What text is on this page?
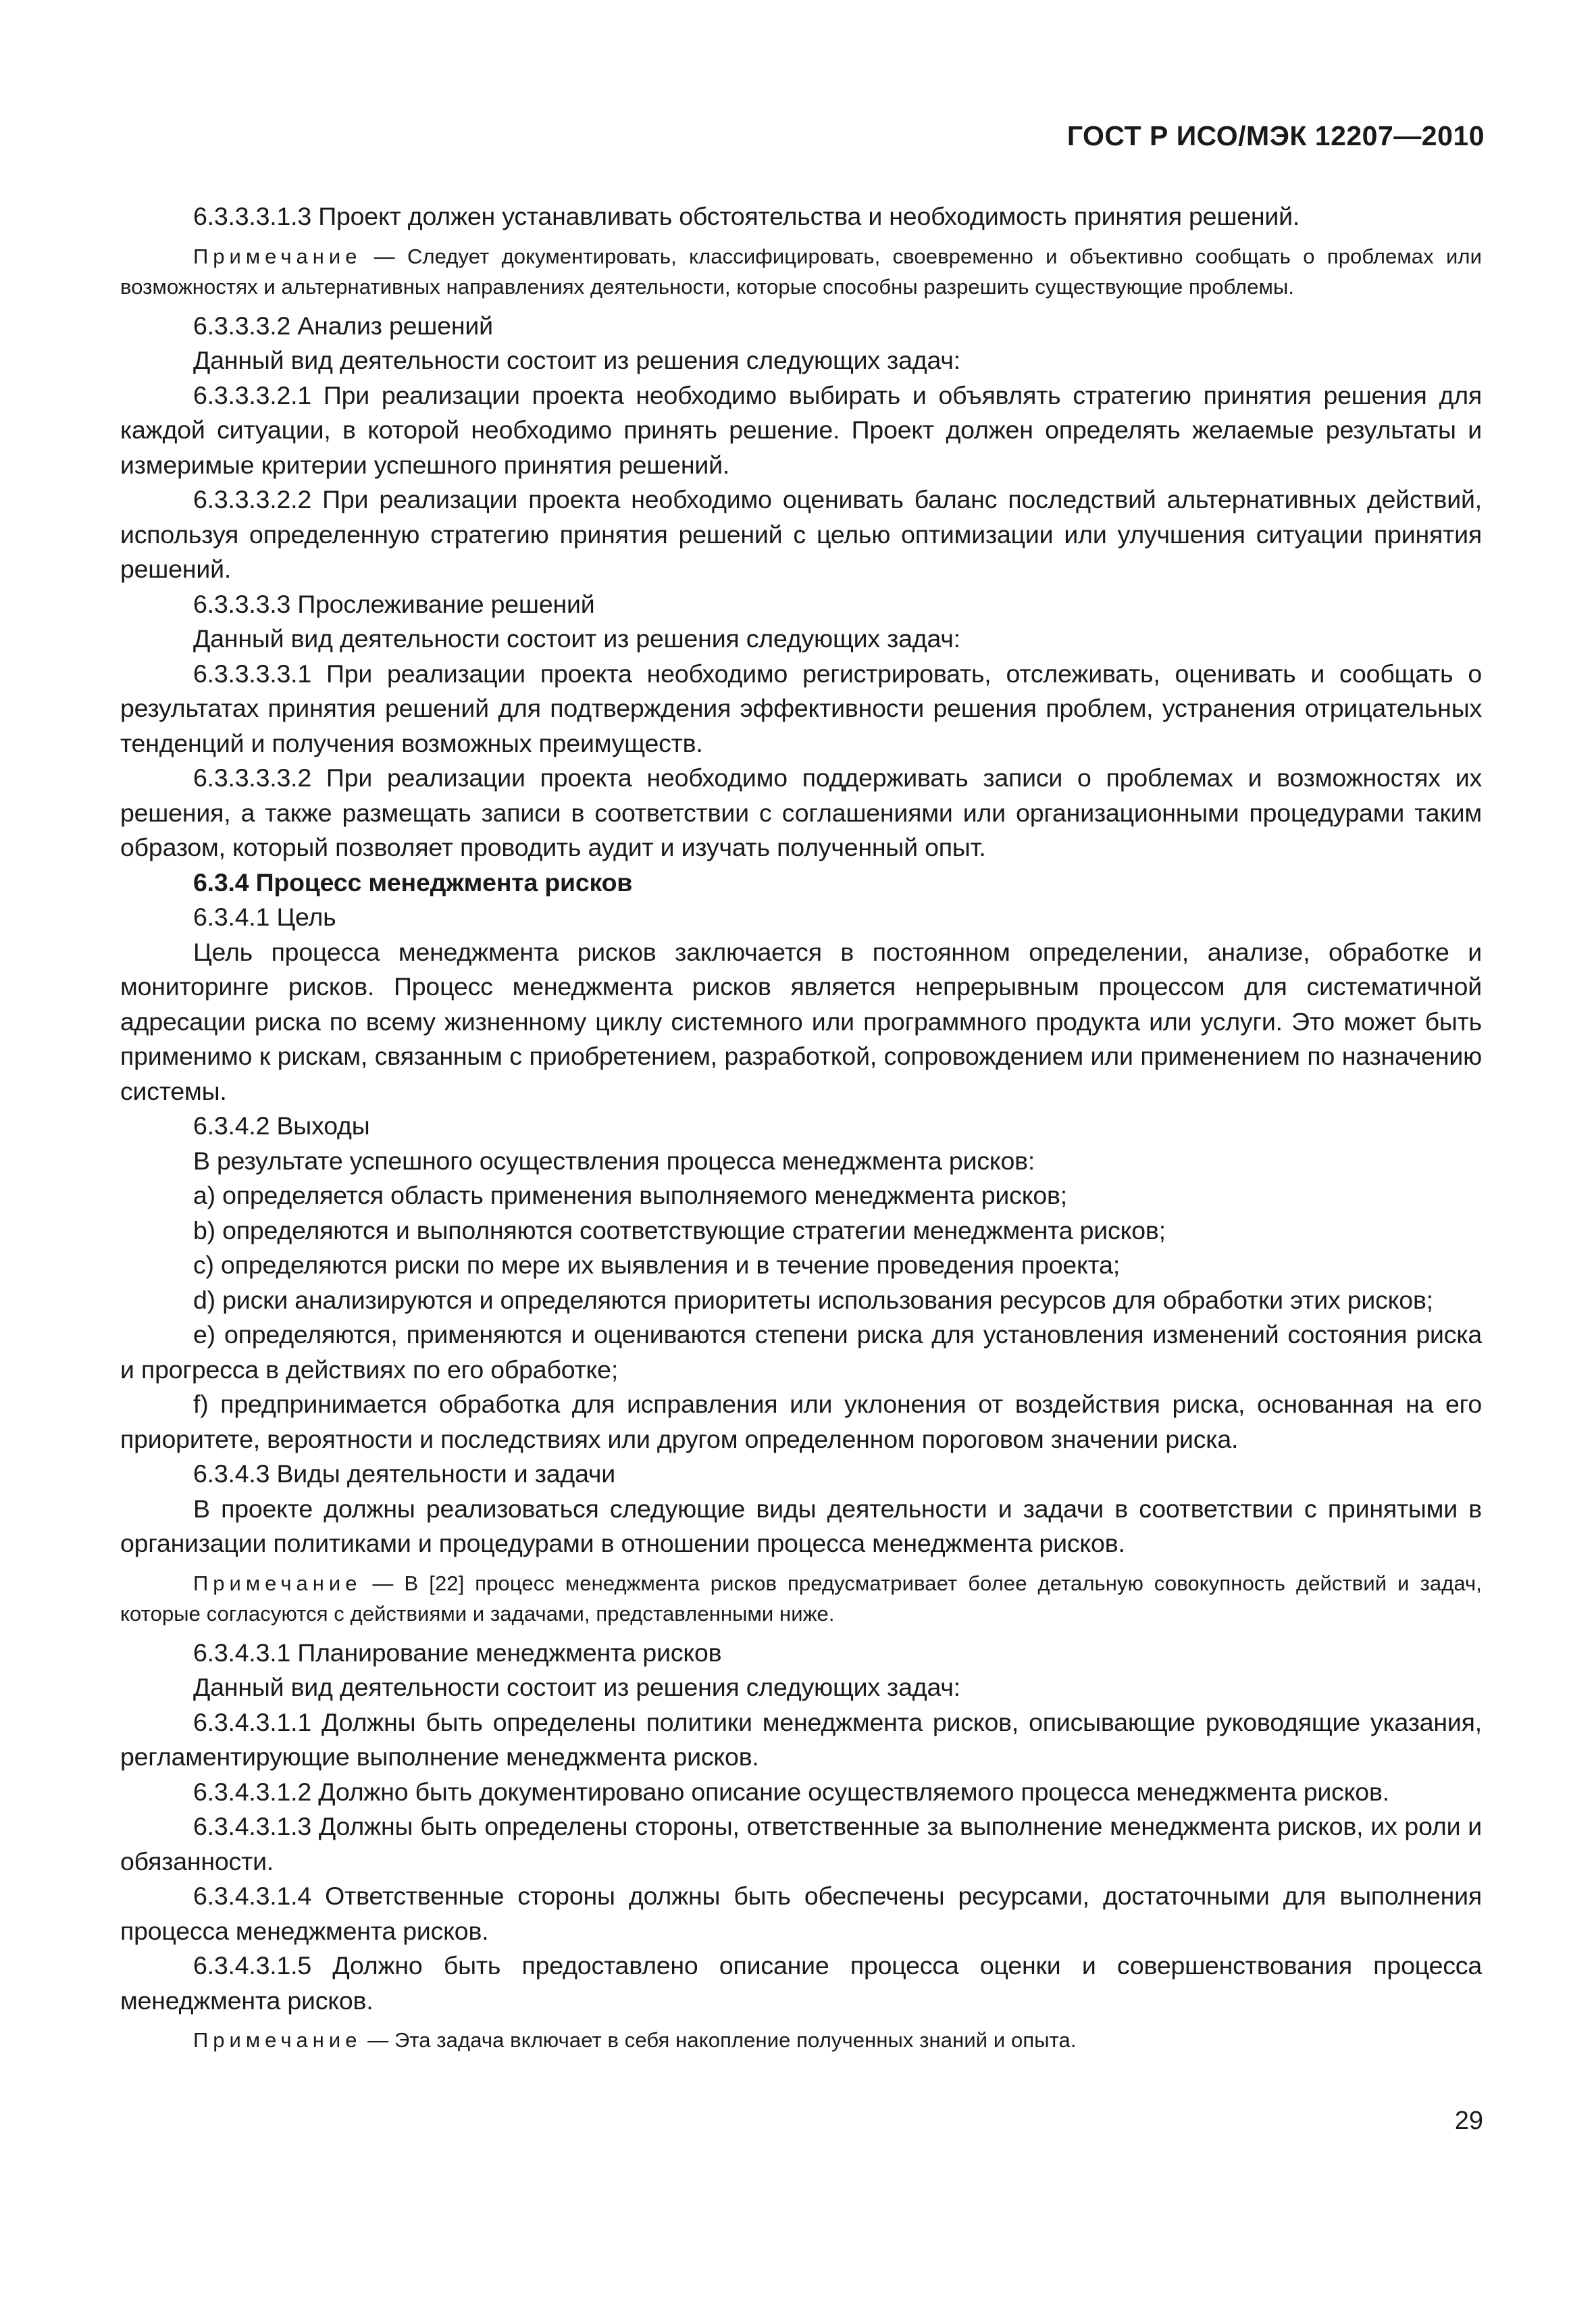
ГОСТ Р ИСО/МЭК 12207—2010

6.3.3.3.1.3 Проект должен устанавливать обстоятельства и необходимость принятия решений.

Примечание — Следует документировать, классифицировать, своевременно и объективно сообщать о проблемах или возможностях и альтернативных направлениях деятельности, которые способны разрешить существующие проблемы.

6.3.3.3.2 Анализ решений

Данный вид деятельности состоит из решения следующих задач:

6.3.3.3.2.1 При реализации проекта необходимо выбирать и объявлять стратегию принятия решения для каждой ситуации, в которой необходимо принять решение. Проект должен определять желаемые результаты и измеримые критерии успешного принятия решений.

6.3.3.3.2.2 При реализации проекта необходимо оценивать баланс последствий альтернативных действий, используя определенную стратегию принятия решений с целью оптимизации или улучшения ситуации принятия решений.

6.3.3.3.3 Прослеживание решений

Данный вид деятельности состоит из решения следующих задач:

6.3.3.3.3.1 При реализации проекта необходимо регистрировать, отслеживать, оценивать и сообщать о результатах принятия решений для подтверждения эффективности решения проблем, устранения отрицательных тенденций и получения возможных преимуществ.

6.3.3.3.3.2 При реализации проекта необходимо поддерживать записи о проблемах и возможностях их решения, а также размещать записи в соответствии с соглашениями или организационными процедурами таким образом, который позволяет проводить аудит и изучать полученный опыт.

6.3.4 Процесс менеджмента рисков

6.3.4.1 Цель

Цель процесса менеджмента рисков заключается в постоянном определении, анализе, обработке и мониторинге рисков. Процесс менеджмента рисков является непрерывным процессом для систематичной адресации риска по всему жизненному циклу системного или программного продукта или услуги. Это может быть применимо к рискам, связанным с приобретением, разработкой, сопровождением или применением по назначению системы.

6.3.4.2 Выходы

В результате успешного осуществления процесса менеджмента рисков:

a) определяется область применения выполняемого менеджмента рисков;

b) определяются и выполняются соответствующие стратегии менеджмента рисков;

c) определяются риски по мере их выявления и в течение проведения проекта;

d) риски анализируются и определяются приоритеты использования ресурсов для обработки этих рисков;

e) определяются, применяются и оцениваются степени риска для установления изменений состояния риска и прогресса в действиях по его обработке;

f) предпринимается обработка для исправления или уклонения от воздействия риска, основанная на его приоритете, вероятности и последствиях или другом определенном пороговом значении риска.

6.3.4.3 Виды деятельности и задачи

В проекте должны реализоваться следующие виды деятельности и задачи в соответствии с принятыми в организации политиками и процедурами в отношении процесса менеджмента рисков.

Примечание — В [22] процесс менеджмента рисков предусматривает более детальную совокупность действий и задач, которые согласуются с действиями и задачами, представленными ниже.

6.3.4.3.1 Планирование менеджмента рисков

Данный вид деятельности состоит из решения следующих задач:

6.3.4.3.1.1 Должны быть определены политики менеджмента рисков, описывающие руководящие указания, регламентирующие выполнение менеджмента рисков.

6.3.4.3.1.2 Должно быть документировано описание осуществляемого процесса менеджмента рисков.

6.3.4.3.1.3 Должны быть определены стороны, ответственные за выполнение менеджмента рисков, их роли и обязанности.

6.3.4.3.1.4 Ответственные стороны должны быть обеспечены ресурсами, достаточными для выполнения процесса менеджмента рисков.

6.3.4.3.1.5 Должно быть предоставлено описание процесса оценки и совершенствования процесса менеджмента рисков.

Примечание — Эта задача включает в себя накопление полученных знаний и опыта.

29
